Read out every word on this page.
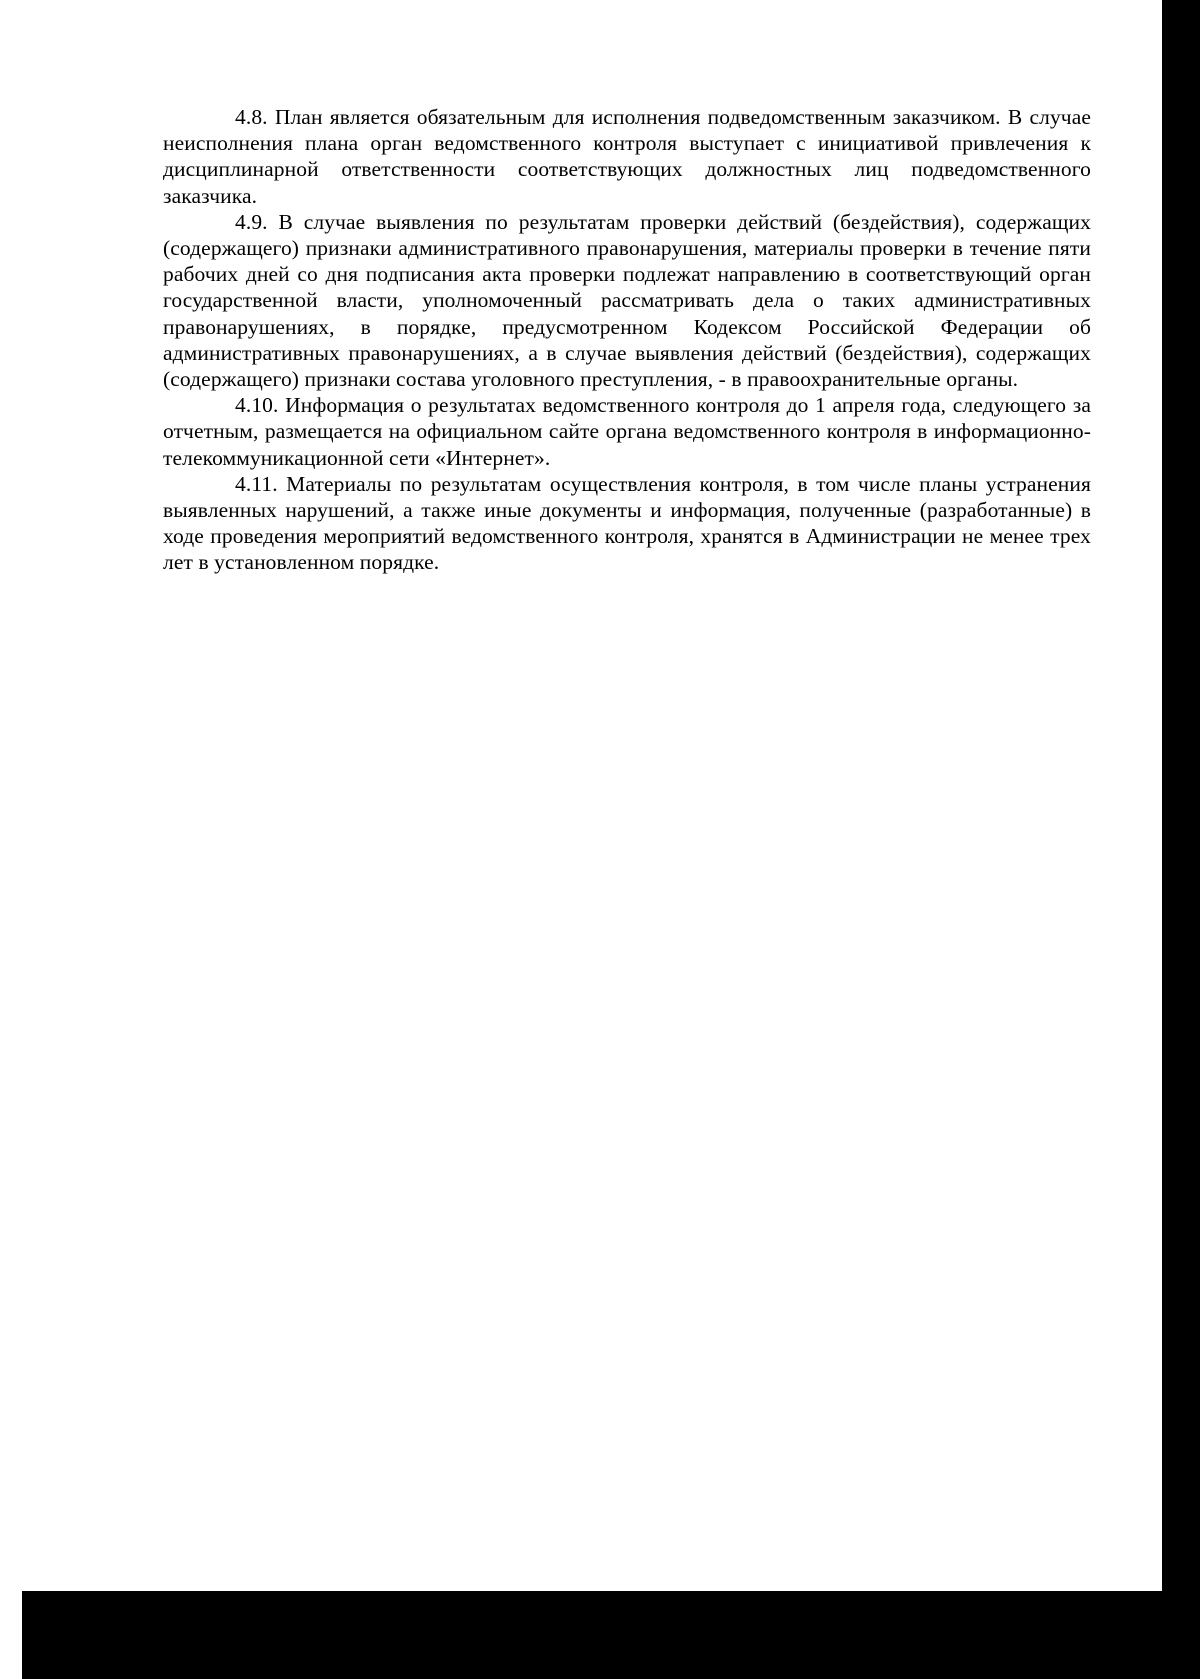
4.8. План является обязательным для исполнения подведомственным заказчиком. В случае неисполнения плана орган ведомственного контроля выступает с инициативой привлечения к дисциплинарной ответственности соответствующих должностных лиц подведомственного заказчика.

4.9. В случае выявления по результатам проверки действий (бездействия), содержащих (содержащего) признаки административного правонарушения, материалы проверки в течение пяти рабочих дней со дня подписания акта проверки подлежат направлению в соответствующий орган государственной власти, уполномоченный рассматривать дела о таких административных правонарушениях, в порядке, предусмотренном Кодексом Российской Федерации об административных правонарушениях, а в случае выявления действий (бездействия), содержащих (содержащего) признаки состава уголовного преступления, - в правоохранительные органы.

4.10. Информация о результатах ведомственного контроля до 1 апреля года, следующего за отчетным, размещается на официальном сайте органа ведомственного контроля в информационно-телекоммуникационной сети «Интернет».

4.11. Материалы по результатам осуществления контроля, в том числе планы устранения выявленных нарушений, а также иные документы и информация, полученные (разработанные) в ходе проведения мероприятий ведомственного контроля, хранятся в Администрации не менее трех лет в установленном порядке.
